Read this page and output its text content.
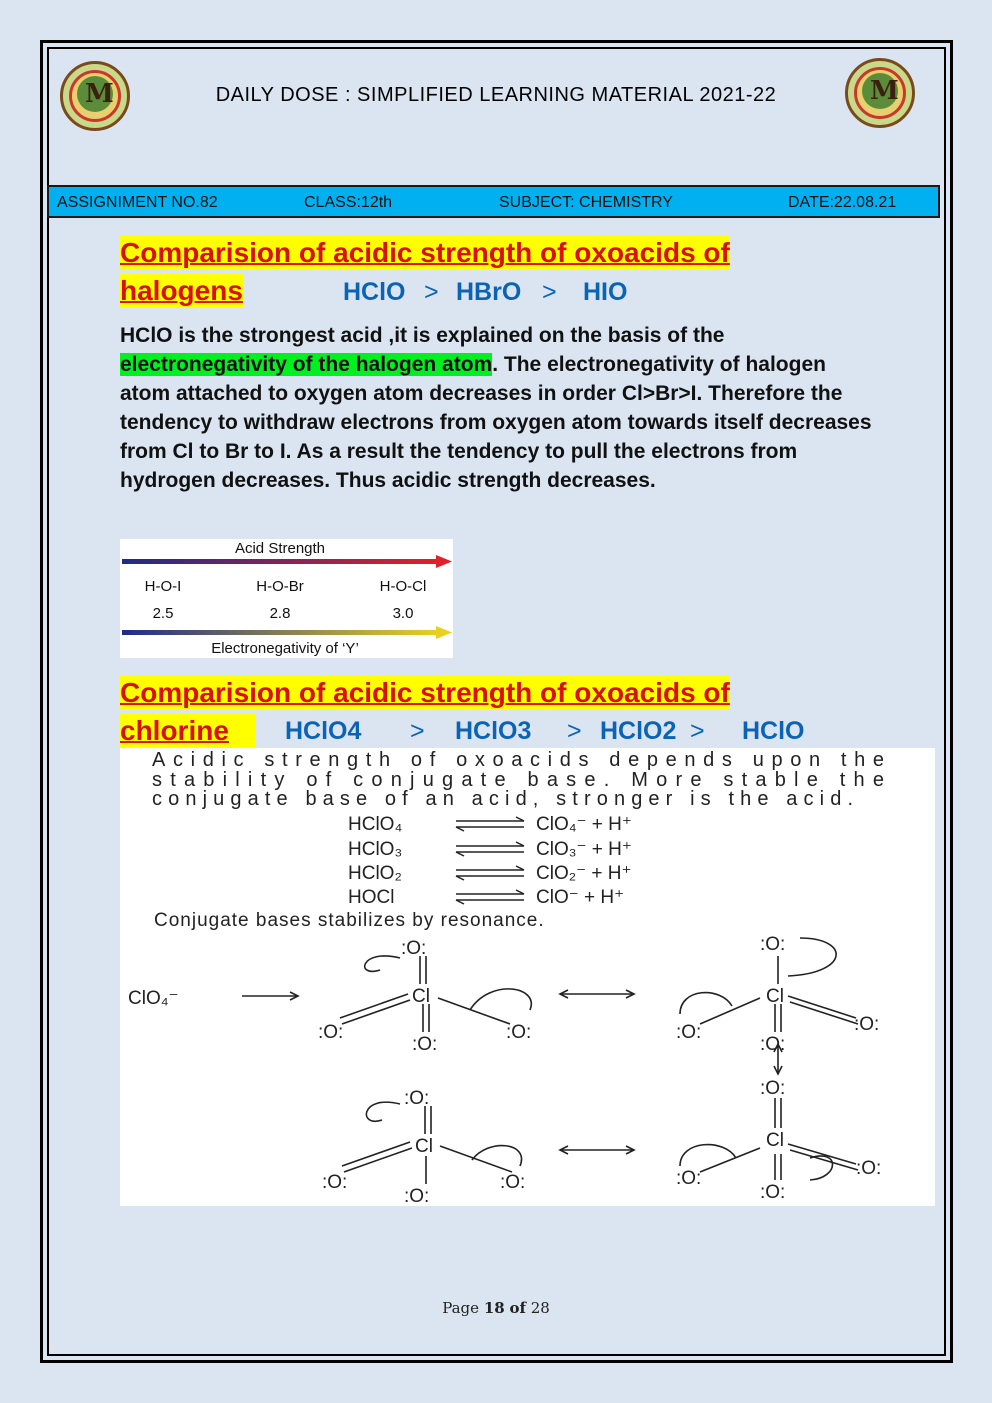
M	M
DAILY DOSE : SIMPLIFIED LEARNING MATERIAL 2021-22
ASSIGNIMENT NO.82	CLASS:12th	SUBJECT: CHEMISTRY	DATE:22.08.21
Comparision of acidic strength of oxoacids of
halogens	HClO > HBrO > HIO
HClO is the strongest acid ,it is explained on the basis of the electronegativity of the halogen atom. The electronegativity of halogen atom attached to oxygen atom decreases in order Cl>Br>I. Therefore the tendency to withdraw electrons from oxygen atom towards itself decreases from Cl to Br to I. As a result the tendency to pull the electrons from hydrogen decreases. Thus acidic strength decreases.
Acid Strength
H-O-I	H-O-Br	H-O-Cl
2.5	2.8	3.0
Electronegativity of ‘Y’
Comparision of acidic strength of oxoacids of
chlorine	HClO4 > HClO3 > HClO2 > HClO
Acidic strength of oxoacids depends upon the
stability of conjugate base. More stable the
conjugate base of an acid, stronger is the acid.
HClO₄	ClO₄⁻ + H⁺
HClO₃	ClO₃⁻ + H⁺
HClO₂	ClO₂⁻ + H⁺
HOCl	ClO⁻ + H⁺
Conjugate bases stabilizes by resonance.
ClO₄⁻
:O:
Cl
:O:
:O:	:O:
:O:
Cl
:O:
:O:	:O:
:O:
Cl
:O:
:O:	:O:
:O:
Cl
:O:
:O:	:O:
Page 18 of 28
